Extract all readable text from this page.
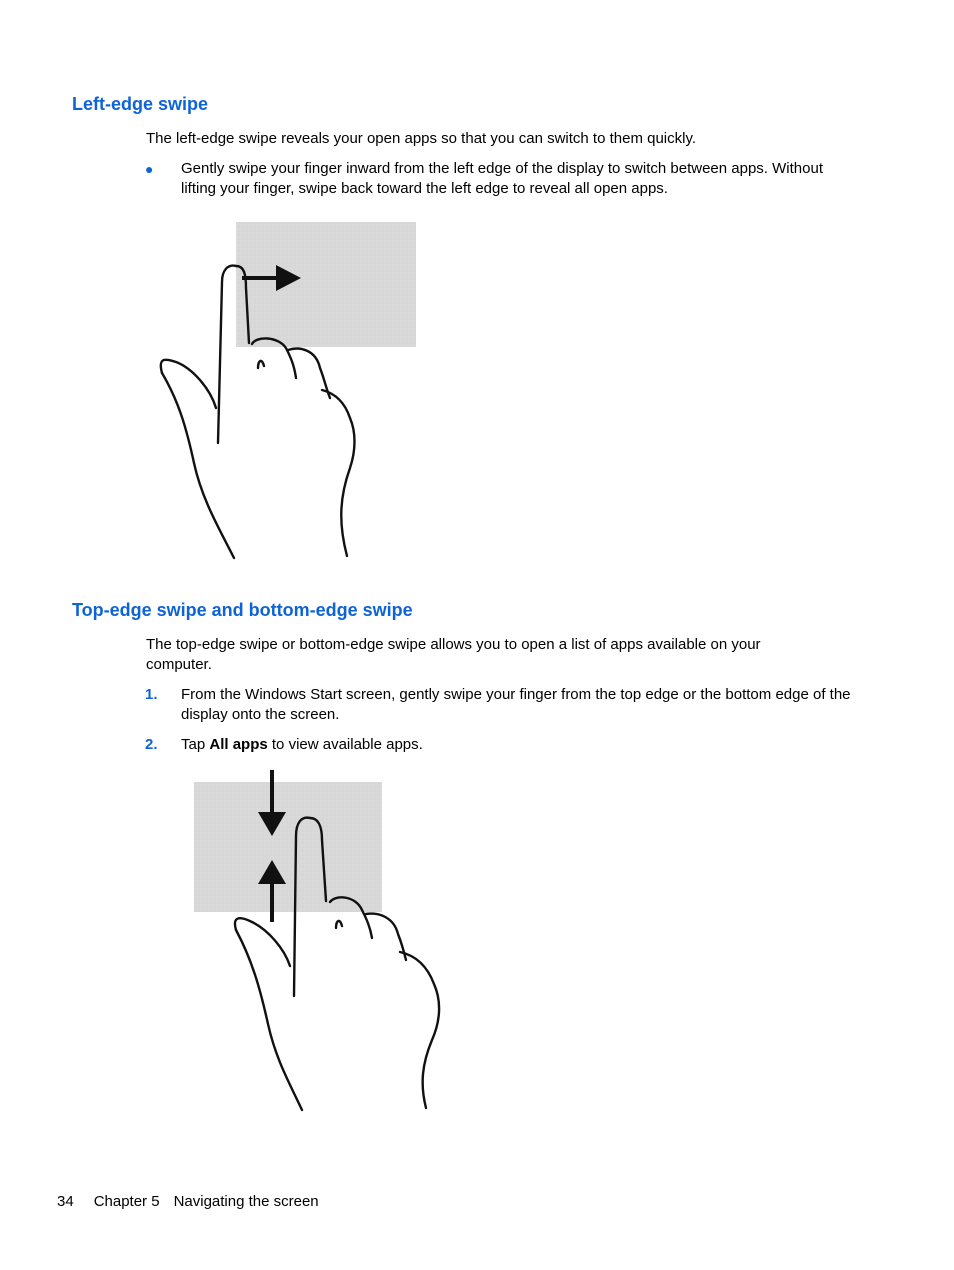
Left-edge swipe

The left-edge swipe reveals your open apps so that you can switch to them quickly.

● Gently swipe your finger inward from the left edge of the display to switch between apps. Without lifting your finger, swipe back toward the left edge to reveal all open apps.

Top-edge swipe and bottom-edge swipe

The top-edge swipe or bottom-edge swipe allows you to open a list of apps available on your computer.

1. From the Windows Start screen, gently swipe your finger from the top edge or the bottom edge of the display onto the screen.

2. Tap All apps to view available apps.

34 Chapter 5 Navigating the screen
